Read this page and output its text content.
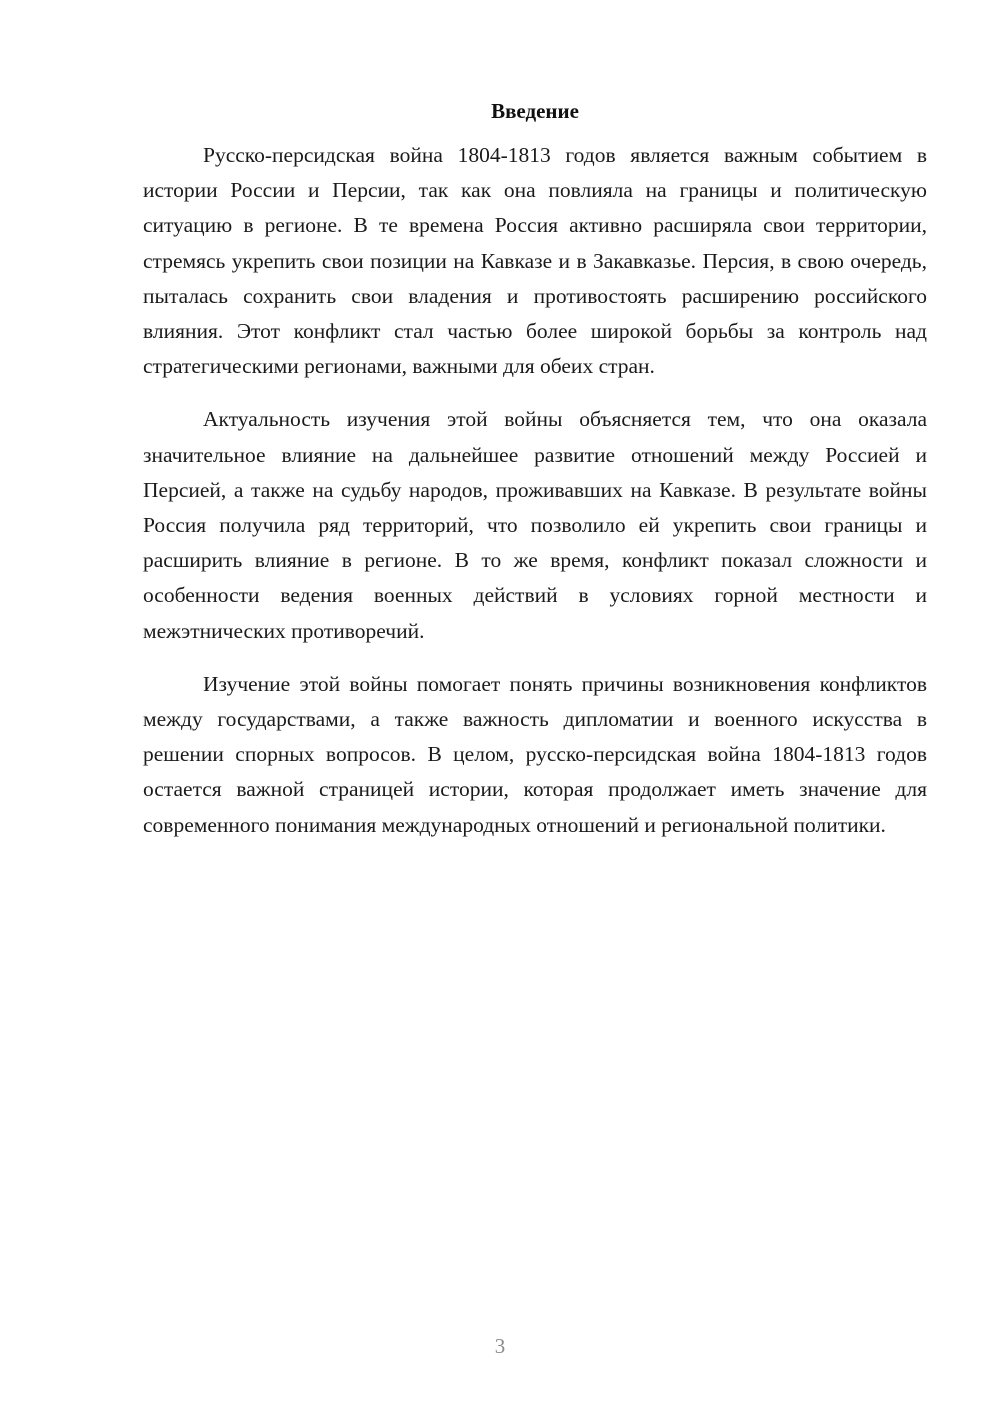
Введение

Русско-персидская война 1804-1813 годов является важным событием в истории России и Персии, так как она повлияла на границы и политическую ситуацию в регионе. В те времена Россия активно расширяла свои территории, стремясь укрепить свои позиции на Кавказе и в Закавказье. Персия, в свою очередь, пыталась сохранить свои владения и противостоять расширению российского влияния. Этот конфликт стал частью более широкой борьбы за контроль над стратегическими регионами, важными для обеих стран.

Актуальность изучения этой войны объясняется тем, что она оказала значительное влияние на дальнейшее развитие отношений между Россией и Персией, а также на судьбу народов, проживавших на Кавказе. В результате войны Россия получила ряд территорий, что позволило ей укрепить свои границы и расширить влияние в регионе. В то же время, конфликт показал сложности и особенности ведения военных действий в условиях горной местности и межэтнических противоречий.

Изучение этой войны помогает понять причины возникновения конфликтов между государствами, а также важность дипломатии и военного искусства в решении спорных вопросов. В целом, русско-персидская война 1804-1813 годов остается важной страницей истории, которая продолжает иметь значение для современного понимания международных отношений и региональной политики.

3
